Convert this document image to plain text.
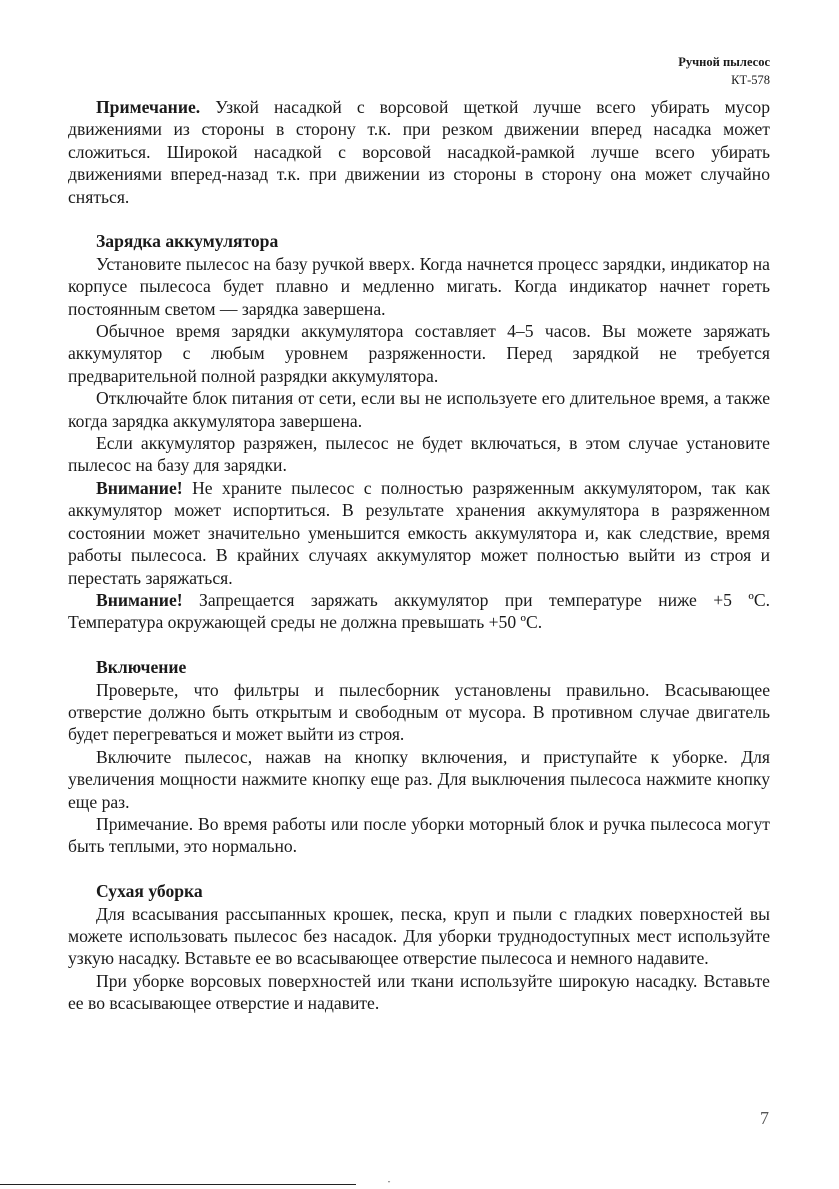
Ручной пылесос
КТ-578

Примечание. Узкой насадкой с ворсовой щеткой лучше всего убирать мусор движениями из стороны в сторону т.к. при резком движении вперед насадка может сложиться. Широкой насадкой с ворсовой насадкой-рамкой лучше всего убирать движениями вперед-назад т.к. при движении из стороны в сторону она может случайно сняться.

Зарядка аккумулятора

Установите пылесос на базу ручкой вверх. Когда начнется процесс зарядки, индикатор на корпусе пылесоса будет плавно и медленно мигать. Когда индикатор начнет гореть постоянным светом — зарядка завершена.

Обычное время зарядки аккумулятора составляет 4–5 часов. Вы можете заряжать аккумулятор с любым уровнем разряженности. Перед зарядкой не требуется предварительной полной разрядки аккумулятора.

Отключайте блок питания от сети, если вы не используете его длительное время, а также когда зарядка аккумулятора завершена.

Если аккумулятор разряжен, пылесос не будет включаться, в этом случае установите пылесос на базу для зарядки.

Внимание! Не храните пылесос с полностью разряженным аккумулятором, так как аккумулятор может испортиться. В результате хранения аккумулятора в разряженном состоянии может значительно уменьшится емкость аккумулятора и, как следствие, время работы пылесоса. В крайних случаях аккумулятор может полностью выйти из строя и перестать заряжаться.

Внимание! Запрещается заряжать аккумулятор при температуре ниже +5 ºC. Температура окружающей среды не должна превышать +50 ºC.

Включение

Проверьте, что фильтры и пылесборник установлены правильно. Всасывающее отверстие должно быть открытым и свободным от мусора. В противном случае двигатель будет перегреваться и может выйти из строя.

Включите пылесос, нажав на кнопку включения, и приступайте к уборке. Для увеличения мощности нажмите кнопку еще раз. Для выключения пылесоса нажмите кнопку еще раз.

Примечание. Во время работы или после уборки моторный блок и ручка пылесоса могут быть теплыми, это нормально.

Сухая уборка

Для всасывания рассыпанных крошек, песка, круп и пыли с гладких поверхностей вы можете использовать пылесос без насадок. Для уборки труднодоступных мест используйте узкую насадку. Вставьте ее во всасывающее отверстие пылесоса и немного надавите.

При уборке ворсовых поверхностей или ткани используйте широкую насадку. Вставьте ее во всасывающее отверстие и надавите.

7
"
